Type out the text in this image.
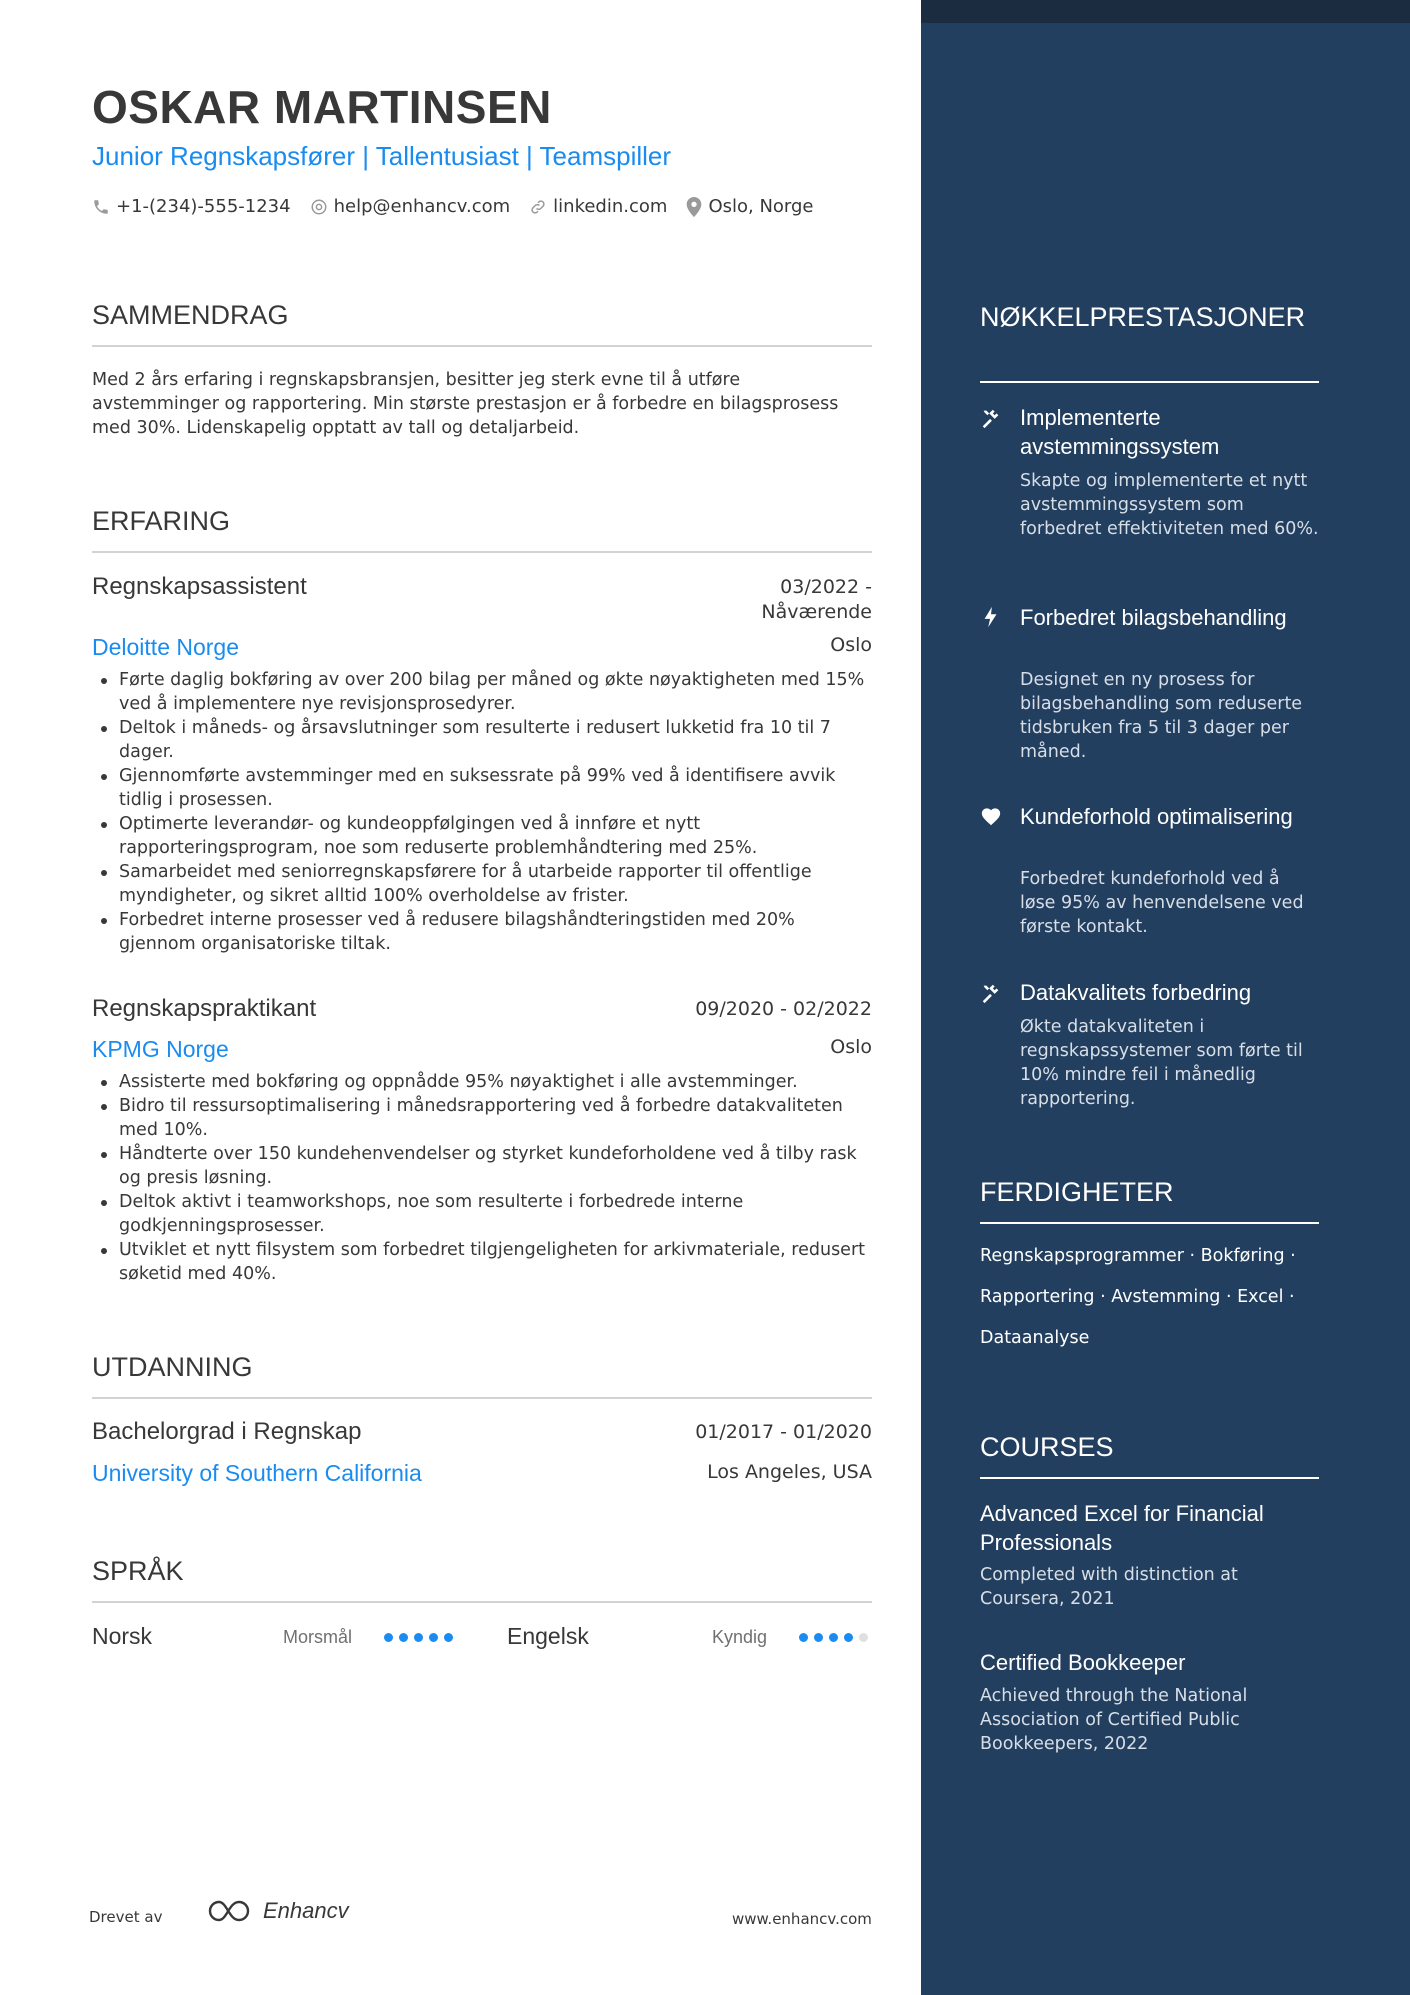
OSKAR MARTINSEN
Junior Regnskapsfører | Tallentusiast | Teamspiller
+1-(234)-555-1234 help@enhancv.com linkedin.com Oslo, Norge
SAMMENDRAG
Med 2 års erfaring i regnskapsbransjen, besitter jeg sterk evne til å utføre avstemminger og rapportering. Min største prestasjon er å forbedre en bilagsprosess med 30%. Lidenskapelig opptatt av tall og detaljarbeid.
ERFARING
Regnskapsassistent	03/2022 - Nåværende
Deloitte Norge	Oslo
Førte daglig bokføring av over 200 bilag per måned og økte nøyaktigheten med 15% ved å implementere nye revisjonsprosedyrer.
Deltok i måneds- og årsavslutninger som resulterte i redusert lukketid fra 10 til 7 dager.
Gjennomførte avstemminger med en suksessrate på 99% ved å identifisere avvik tidlig i prosessen.
Optimerte leverandør- og kundeoppfølgingen ved å innføre et nytt rapporteringsprogram, noe som reduserte problemhåndtering med 25%.
Samarbeidet med seniorregnskapsførere for å utarbeide rapporter til offentlige myndigheter, og sikret alltid 100% overholdelse av frister.
Forbedret interne prosesser ved å redusere bilagshåndteringstiden med 20% gjennom organisatoriske tiltak.
Regnskapspraktikant	09/2020 - 02/2022
KPMG Norge	Oslo
Assisterte med bokføring og oppnådde 95% nøyaktighet i alle avstemminger.
Bidro til ressursoptimalisering i månedsrapportering ved å forbedre datakvaliteten med 10%.
Håndterte over 150 kundehenvendelser og styrket kundeforholdene ved å tilby rask og presis løsning.
Deltok aktivt i teamworkshops, noe som resulterte i forbedrede interne godkjenningsprosesser.
Utviklet et nytt filsystem som forbedret tilgjengeligheten for arkivmateriale, redusert søketid med 40%.
UTDANNING
Bachelorgrad i Regnskap	01/2017 - 01/2020
University of Southern California	Los Angeles, USA
SPRÅK
Norsk	Morsmål	Engelsk	Kyndig
Drevet av	Enhancv	www.enhancv.com
NØKKELPRESTASJONER
Implementerte avstemmingssystem
Skapte og implementerte et nytt avstemmingssystem som forbedret effektiviteten med 60%.
Forbedret bilagsbehandling
Designet en ny prosess for bilagsbehandling som reduserte tidsbruken fra 5 til 3 dager per måned.
Kundeforhold optimalisering
Forbedret kundeforhold ved å løse 95% av henvendelsene ved første kontakt.
Datakvalitets forbedring
Økte datakvaliteten i regnskapssystemer som førte til 10% mindre feil i månedlig rapportering.
FERDIGHETER
Regnskapsprogrammer · Bokføring · Rapportering · Avstemming · Excel · Dataanalyse
COURSES
Advanced Excel for Financial Professionals
Completed with distinction at Coursera, 2021
Certified Bookkeeper
Achieved through the National Association of Certified Public Bookkeepers, 2022
